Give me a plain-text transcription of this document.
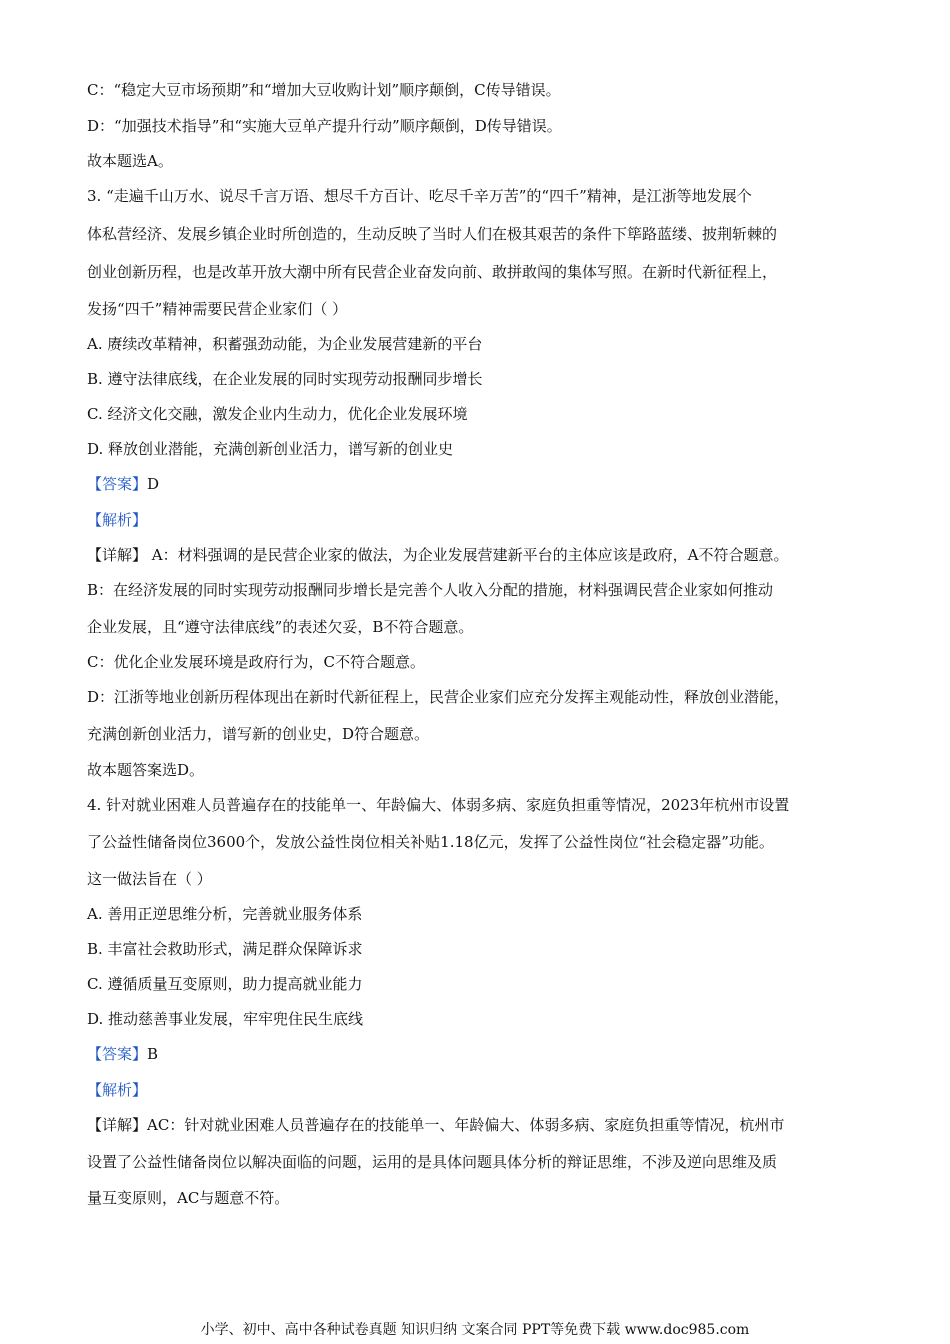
C：“稳定大豆市场预期”和“增加大豆收购计划”顺序颠倒，C传导错误。

D：“加强技术指导”和“实施大豆单产提升行动”顺序颠倒，D传导错误。

故本题选A。

3. “走遍千山万水、说尽千言万语、想尽千方百计、吃尽千辛万苦”的“四千”精神，是江浙等地发展个

体私营经济、发展乡镇企业时所创造的，生动反映了当时人们在极其艰苦的条件下筚路蓝缕、披荆斩棘的

创业创新历程，也是改革开放大潮中所有民营企业奋发向前、敢拼敢闯的集体写照。在新时代新征程上，

发扬“四千”精神需要民营企业家们（ ）

A. 赓续改革精神，积蓄强劲动能，为企业发展营建新的平台

B. 遵守法律底线，在企业发展的同时实现劳动报酬同步增长

C. 经济文化交融，激发企业内生动力，优化企业发展环境

D. 释放创业潜能，充满创新创业活力，谱写新的创业史

【答案】D

【解析】

【详解】 A：材料强调的是民营企业家的做法，为企业发展营建新平台的主体应该是政府，A不符合题意。

B：在经济发展的同时实现劳动报酬同步增长是完善个人收入分配的措施，材料强调民营企业家如何推动

企业发展，且“遵守法律底线”的表述欠妥，B不符合题意。

C：优化企业发展环境是政府行为，C不符合题意。

D：江浙等地业创新历程体现出在新时代新征程上，民营企业家们应充分发挥主观能动性，释放创业潜能，

充满创新创业活力，谱写新的创业史，D符合题意。

故本题答案选D。

4. 针对就业困难人员普遍存在的技能单一、年龄偏大、体弱多病、家庭负担重等情况，2023年杭州市设置

了公益性储备岗位3600个，发放公益性岗位相关补贴1.18亿元，发挥了公益性岗位“社会稳定器”功能。

这一做法旨在（ ）

A. 善用正逆思维分析，完善就业服务体系

B. 丰富社会救助形式，满足群众保障诉求

C. 遵循质量互变原则，助力提高就业能力

D. 推动慈善事业发展，牢牢兜住民生底线

【答案】B

【解析】

【详解】AC：针对就业困难人员普遍存在的技能单一、年龄偏大、体弱多病、家庭负担重等情况，杭州市

设置了公益性储备岗位以解决面临的问题，运用的是具体问题具体分析的辩证思维，不涉及逆向思维及质

量互变原则，AC与题意不符。

小学、初中、高中各种试卷真题 知识归纳 文案合同 PPT等免费下载 www.doc985.com
